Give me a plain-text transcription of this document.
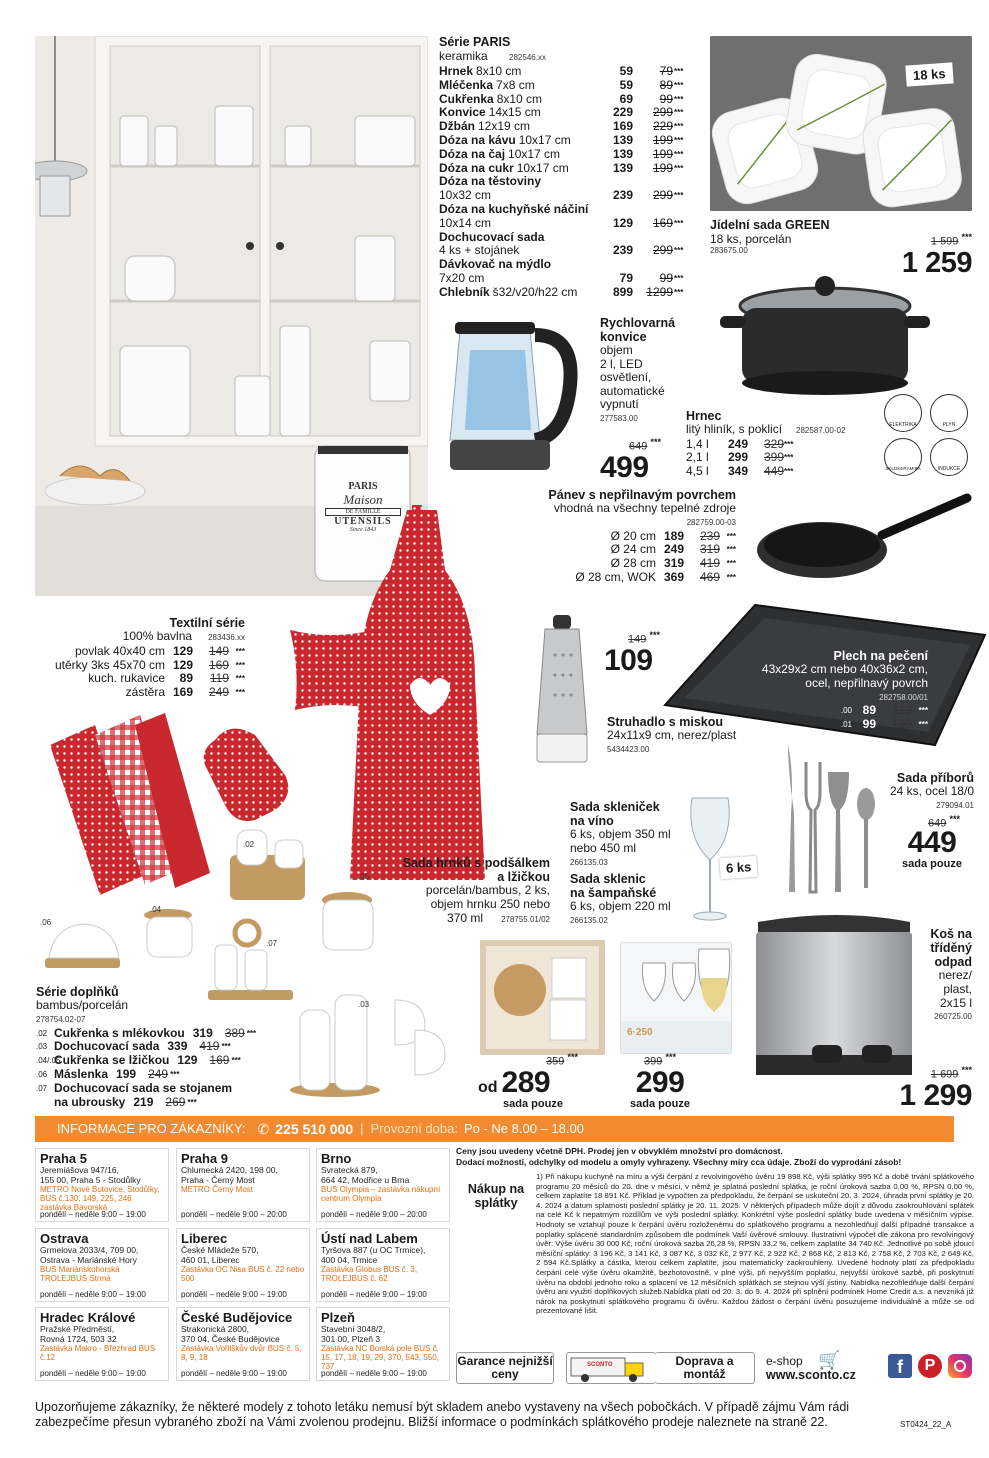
PARIS
Maison
DE FAMILLE
UTENSILS
Since 1843
Série PARIS
keramika	282546.xx
Hrnek 8x10 cm	59	79 ***
Mléčenka 7x8 cm	59	89 ***
Cukřenka 8x10 cm	69	99 ***
Konvice 14x15 cm	229	299 ***
Džbán 12x19 cm	169	229 ***
Dóza na kávu 10x17 cm	139	199 ***
Dóza na čaj 10x17 cm	139	199 ***
Dóza na cukr 10x17 cm	139	199 ***
Dóza na těstoviny
10x32 cm	239	299 ***
Dóza na kuchyňské náčiní
10x14 cm	129	169 ***
Dochucovací sada
4 ks + stojánek	239	299 ***
Dávkovač na mýdlo
7x20 cm	79	99 ***
Chlebník š32/v20/h22 cm	899	1299 ***
18 ks
Jídelní sada GREEN
18 ks, porcelán
283675.00
1 599 ***
1 259
Rychlovarná
konvice
objem
2 l, LED
osvětlení,
automatické
vypnutí
277583.00
649 ***
499
Hrnec
litý hliník, s poklicí 282587.00-02
1,4 l	249	329 ***
2,1 l	299	399 ***
4,5 l	349	449 ***
ELEKTRIKA	PLYN
SKLOKERAMIKA	INDUKCE
Pánev s nepřilnavým povrchem
vhodná na všechny tepelné zdroje
282759.00-03
Ø 20 cm 189	239 ***
Ø 24 cm 249	319 ***
Ø 28 cm 319	419 ***
Ø 28 cm, WOK 369	469 ***
Textilní série
100% bavlna 283436.xx
povlak 40x40 cm 129	149 ***
utěrky 3ks 45x70 cm 129	169 ***
kuch. rukavice	89	119 ***
zástěra 169	249 ***
149 ***
109
Struhadlo s miskou
24x11x9 cm, nerez/plast
5434423.00
Plech na pečení
43x29x2 cm nebo 40x36x2 cm,
ocel, nepřilnavý povrch
282758.00/01
.00 89	119 ***
.01 99	139 ***
Sada příborů
24 ks, ocel 18/0
279094.01
649 ***
449
sada pouze
Sada skleniček
na víno
6 ks, objem 350 ml
nebo 450 ml
266135.03
Sada sklenic
na šampaňské
6 ks, objem 220 ml
266135.02
6 ks
6·250
399 ***
299
sada pouze
Sada hrnků s podšálkem
a lžičkou
porcelán/bambus, 2 ks,
objem hrnku 250 nebo
370 ml 278755.01/02
359 ***
od 289
sada pouze
Koš na
tříděný
odpad
nerez/
plast,
2x15 l
260725.00
1 699 ***
1 299
.02
.03
.04
.05
.06
.07
Série doplňků
bambus/porcelán
278754.02-07
.02 Cukřenka s mlékovkou 319 389 ***
.03 Dochucovací sada 339 419 ***
.04/.05
Cukřenka se lžičkou 129 169 ***
.06 Máslenka 199 249 ***
.07 Dochucovací sada se stojanem
na ubrousky 219 269 ***
INFORMACE PRO ZÁKAZNÍKY: ✆ 225 510 000 | Provozní doba: Po - Ne 8.00 – 18.00
Praha 5
Jeremiášova 947/16,
155 00, Praha 5 - Stodůlky
METRO Nové Butovice, Stodůlky, BUS č.130, 149, 225, 246 zastávka Bavorská
pondělí – neděle 9:00 – 19:00
Praha 9
Chlumecká 2420, 198 00,
Praha - Černý Most
METRO Černý Most
pondělí – neděle 9:00 – 20:00
Brno
Svratecká 879,
664 42, Modřice u Brna
BUS Olympia – zastávka nákupní centrum Olympia
pondělí – neděle 9:00 – 20:00
Ostrava
Grmelova 2033/4, 709 00,
Ostrava - Mariánské Hory
BUS Mariánskohorská TROLEJBUS Strmá
pondělí – neděle 9:00 – 19:00
Liberec
České Mládeže 570,
460 01, Liberec
Zastávka OC Nisa BUS č. 22 nebo 500
pondělí – neděle 9:00 – 19:00
Ústí nad Labem
Tyršova 887 (u OC Trmice),
400 04, Trmice
Zastávka Globus BUS č. 3, TROLEJBUS č. 62
pondělí – neděle 9:00 – 19:00
Hradec Králové
Pražské Předměstí,
Rovná 1724, 503 32
Zastávka Makro - Březhrad BUS č.12
pondělí – neděle 9:00 – 19:00
České Budějovice
Strakonická 2800,
370 04, České Budějovice
Zastávka Vořilškův dvůr BUS č. 5, 8, 9, 18
pondělí – neděle 9:00 – 19:00
Plzeň
Stavební 3048/2,
301 00, Plzeň 3
Zastávka NC Borská pole BUS č. 15, 17, 18, 19, 29, 370, 543, 550, 737
pondělí – neděle 9:00 – 19:00
Ceny jsou uvedeny včetně DPH. Prodej jen v obvyklém množství pro domácnost.
Dodací možnosti, odchylky od modelu a omyly vyhrazeny. Všechny míry cca údaje. Zboží do vyprodání zásob!
Nákup na splátky
1) Při nákupu kuchyně na míru a výši čerpání z revolvingového úvěru 19 898 Kč, výši splátky 995 Kč a době trvání splátkového programu 20 měsíců do 20. dne v měsíci, v němž je splatná poslední splátka, je roční úroková sazba 0,00 %, RPSN 0,00 %, celkem zaplatíte 18 891 Kč. Příklad je vypočten za předpokladu, že čerpání se uskuteční 20. 3. 2024, úhrada první splátky je 20. 4. 2024 a datum splatnosti poslední splátky je 20. 11. 2025. V některých případech může dojít z důvodu zaokrouhlování splátek na celé Kč k nepatrným rozdílům ve výši poslední splátky. Konkrétní výše poslední splátky bude uvedena v měsíčním výpise. Hodnoty se vztahují pouze k čerpání úvěru rozloženému do splátkového programu a nezohledňují další případné transakce a poplatky splácené standardním způsobem dle podmínek Vaší úvěrové smlouvy. Ilustrativní výpočet dle zákona pro revolvingový úvěr: Výše úvěru 30 000 Kč, roční úroková sazba 26,28 %, RPSN 33,2 %, celkem zaplatíte 34 740 Kč. Jednotlivé po sobě jdoucí měsíční splátky: 3 196 Kč, 3 141 Kč, 3 087 Kč, 3 032 Kč, 2 977 Kč, 2 922 Kč, 2 868 Kč, 2 813 Kč, 2 758 Kč, 2 703 Kč, 2 649 Kč, 2 594 Kč.Splátky a částka, kterou celkem zaplatíte, jsou matematicky zaokrouhleny. Uvedené hodnoty platí za předpokladu čerpání celé výše úvěru okamžitě, bezhotovostně, v plné výši, při nejvyšším poplatku, nejvyšší úrokové sazbě, při poskytnutí úvěru na období jednoho roku a splacení ve 12 měsíčních splátkách se stejnou výší jistiny. Nabídka nezohledňuje další čerpání úvěru ani využití doplňkových služeb.Nabídka platí od 20. 3. do 9. 4. 2024 při splnění podmínek Home Credit a.s. a nevzniká již nárok na poskytnutí splátkového programu či úvěru. Každou žádost o čerpání úvěru posuzujeme individuálně a může se od prezentované lišit.
Garance nejnižší ceny
SCONTO	Doprava a montáž
e-shop
www.sconto.cz
🛒	f	P
Upozorňujeme zákazníky, že některé modely z tohoto letáku nemusí být skladem anebo vystaveny na všech pobočkách. V případě zájmu Vám rádi zabezpečíme přesun vybraného zboží na Vámi zvolenou prodejnu. Bližší informace o podmínkách splátkového prodeje naleznete na straně 22.	ST0424_22_A
